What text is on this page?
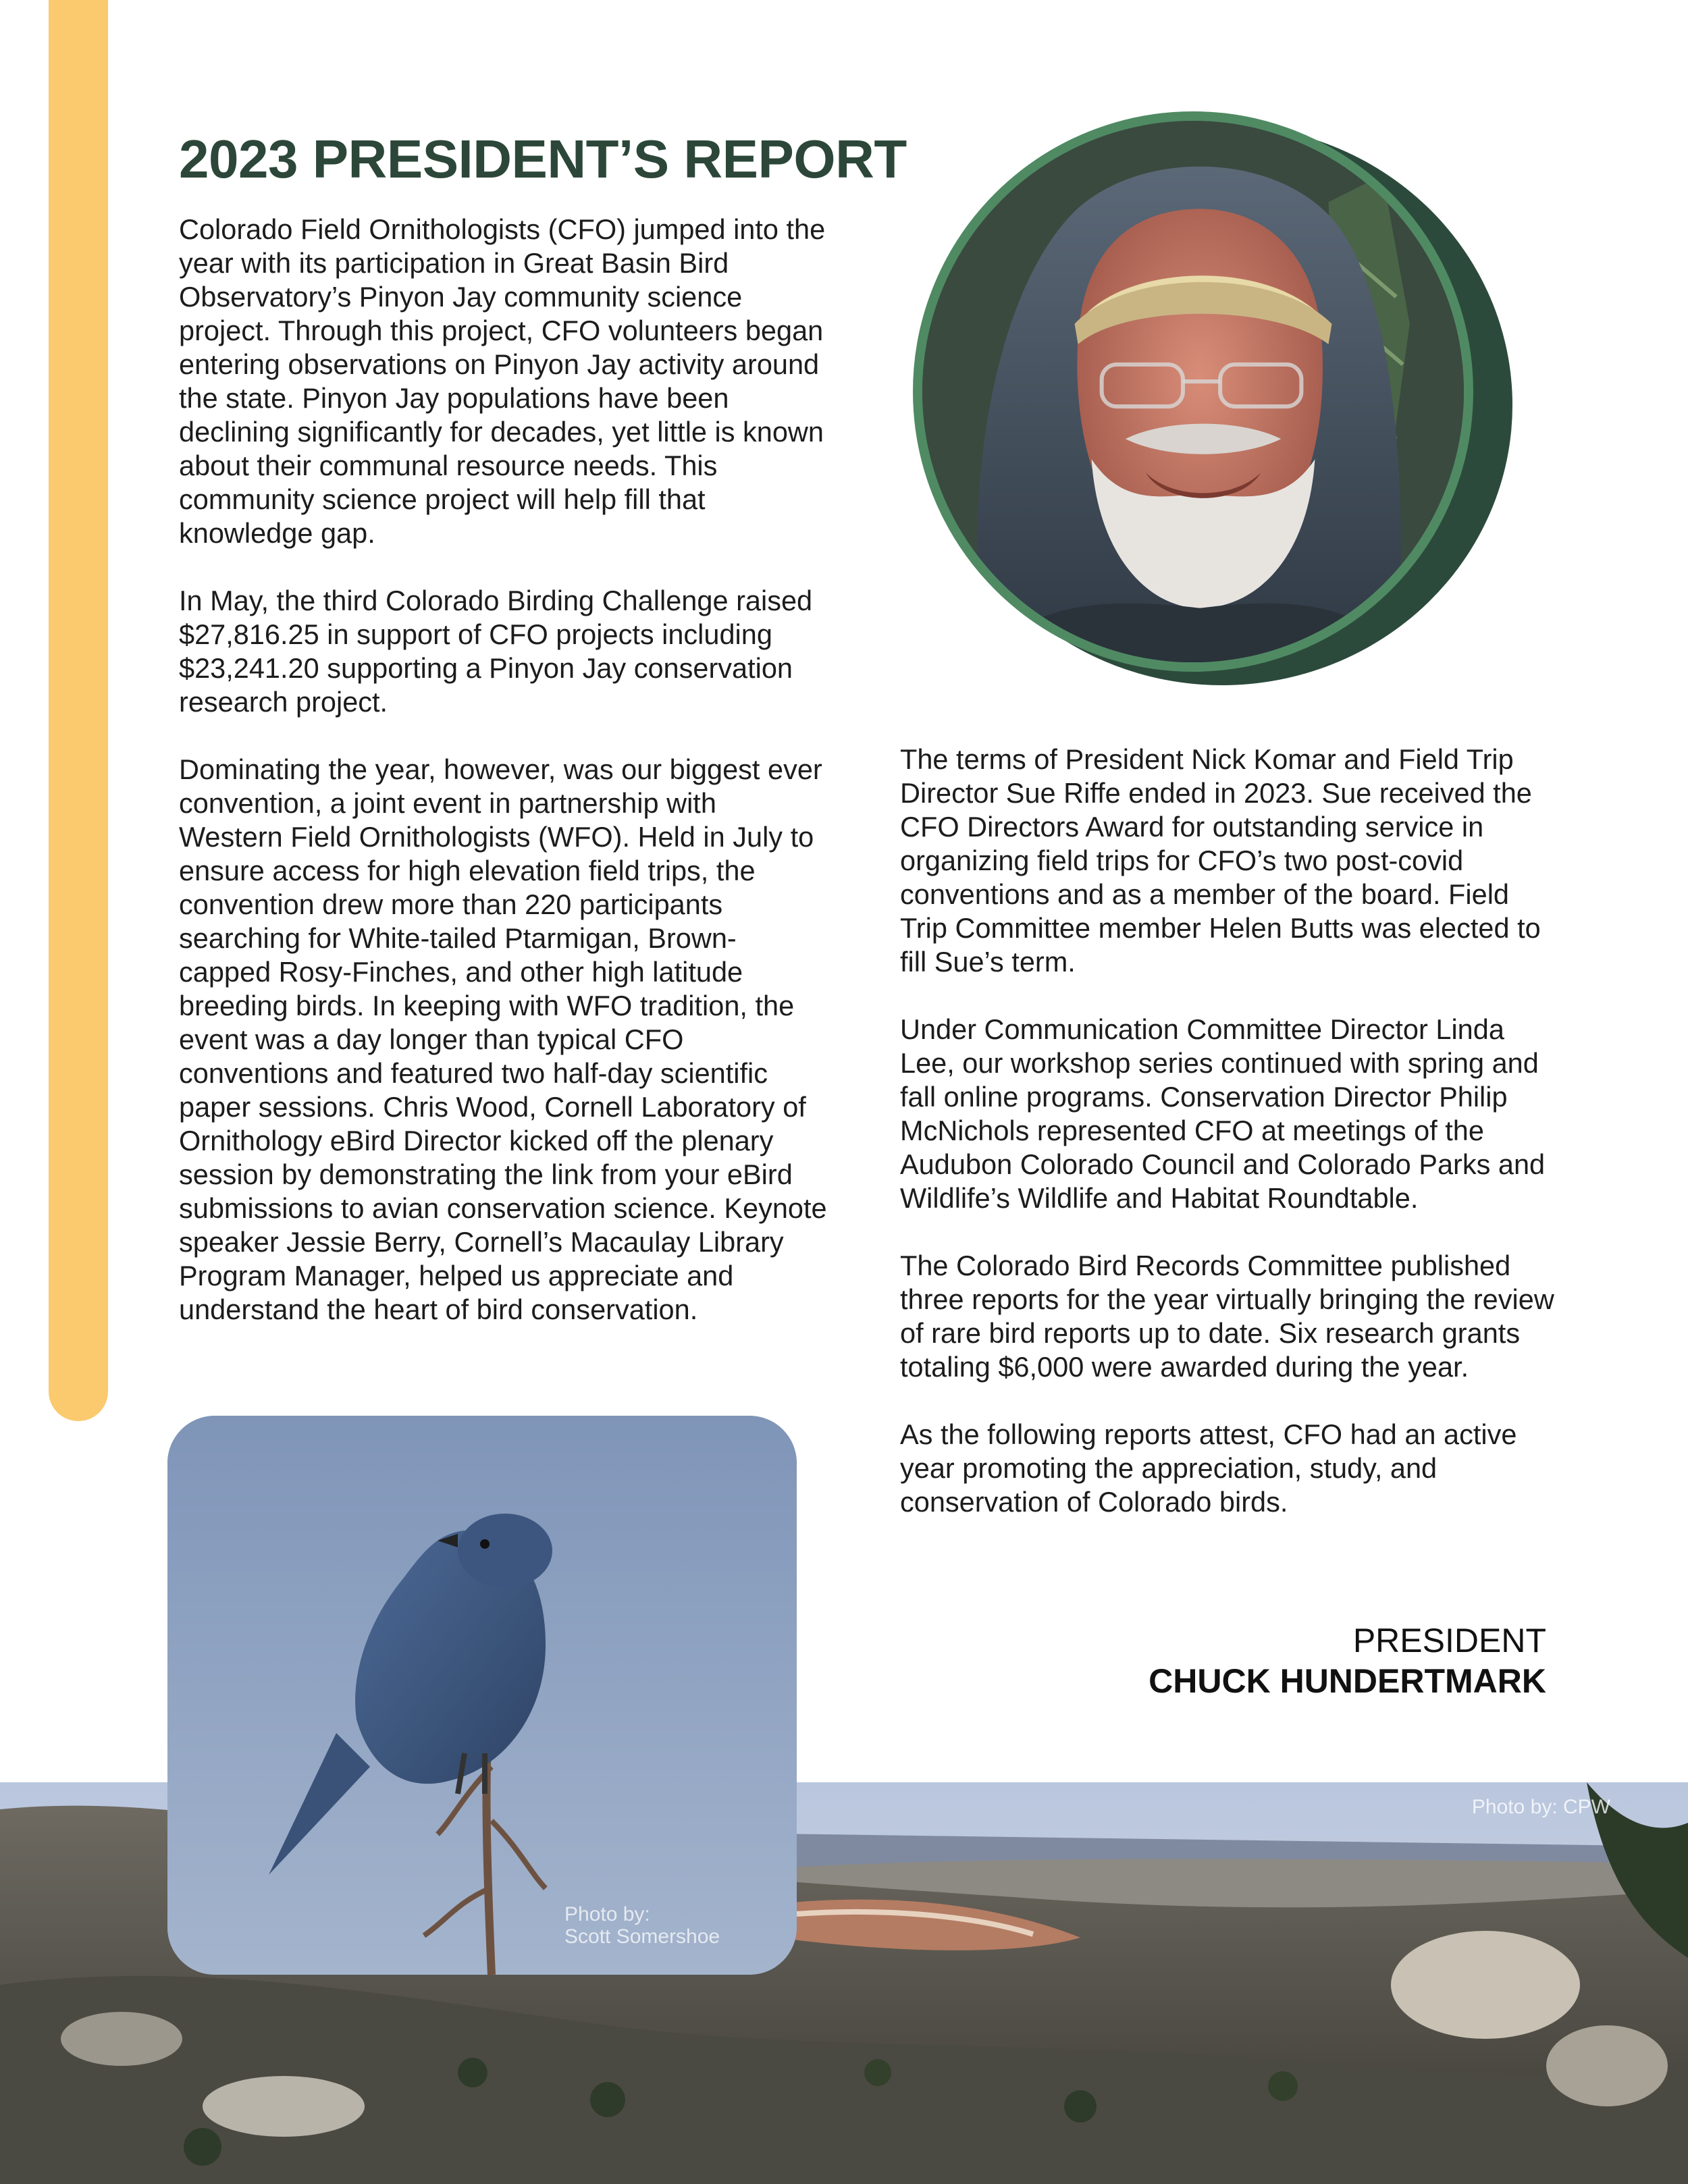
2023 PRESIDENT’S REPORT

Colorado Field Ornithologists (CFO) jumped into the year with its participation in Great Basin Bird Observatory’s Pinyon Jay community science project. Through this project, CFO volunteers began entering observations on Pinyon Jay activity around the state. Pinyon Jay populations have been declining significantly for decades, yet little is known about their communal resource needs. This community science project will help fill that knowledge gap.

In May, the third Colorado Birding Challenge raised $27,816.25 in support of CFO projects including $23,241.20 supporting a Pinyon Jay conservation research project.

Dominating the year, however, was our biggest ever convention, a joint event in partnership with Western Field Ornithologists (WFO). Held in July to ensure access for high elevation field trips, the convention drew more than 220 participants searching for White-tailed Ptarmigan, Brown-capped Rosy-Finches, and other high latitude breeding birds. In keeping with WFO tradition, the event was a day longer than typical CFO conventions and featured two half-day scientific paper sessions. Chris Wood, Cornell Laboratory of Ornithology eBird Director kicked off the plenary session by demonstrating the link from your eBird submissions to avian conservation science. Keynote speaker Jessie Berry, Cornell’s Macaulay Library Program Manager, helped us appreciate and understand the heart of bird conservation.

The terms of President Nick Komar and Field Trip Director Sue Riffe ended in 2023. Sue received the CFO Directors Award for outstanding service in organizing field trips for CFO’s two post-covid conventions and as a member of the board. Field Trip Committee member Helen Butts was elected to fill Sue’s term.

Under Communication Committee Director Linda Lee, our workshop series continued with spring and fall online programs. Conservation Director Philip McNichols represented CFO at meetings of the Audubon Colorado Council and Colorado Parks and Wildlife’s Wildlife and Habitat Roundtable.

The Colorado Bird Records Committee published three reports for the year virtually bringing the review of rare bird reports up to date. Six research grants totaling $6,000 were awarded during the year.

As the following reports attest, CFO had an active year promoting the appreciation, study, and conservation of Colorado birds.

PRESIDENT
CHUCK HUNDERTMARK
Photo by: CPW
Photo by:
Scott Somershoe
